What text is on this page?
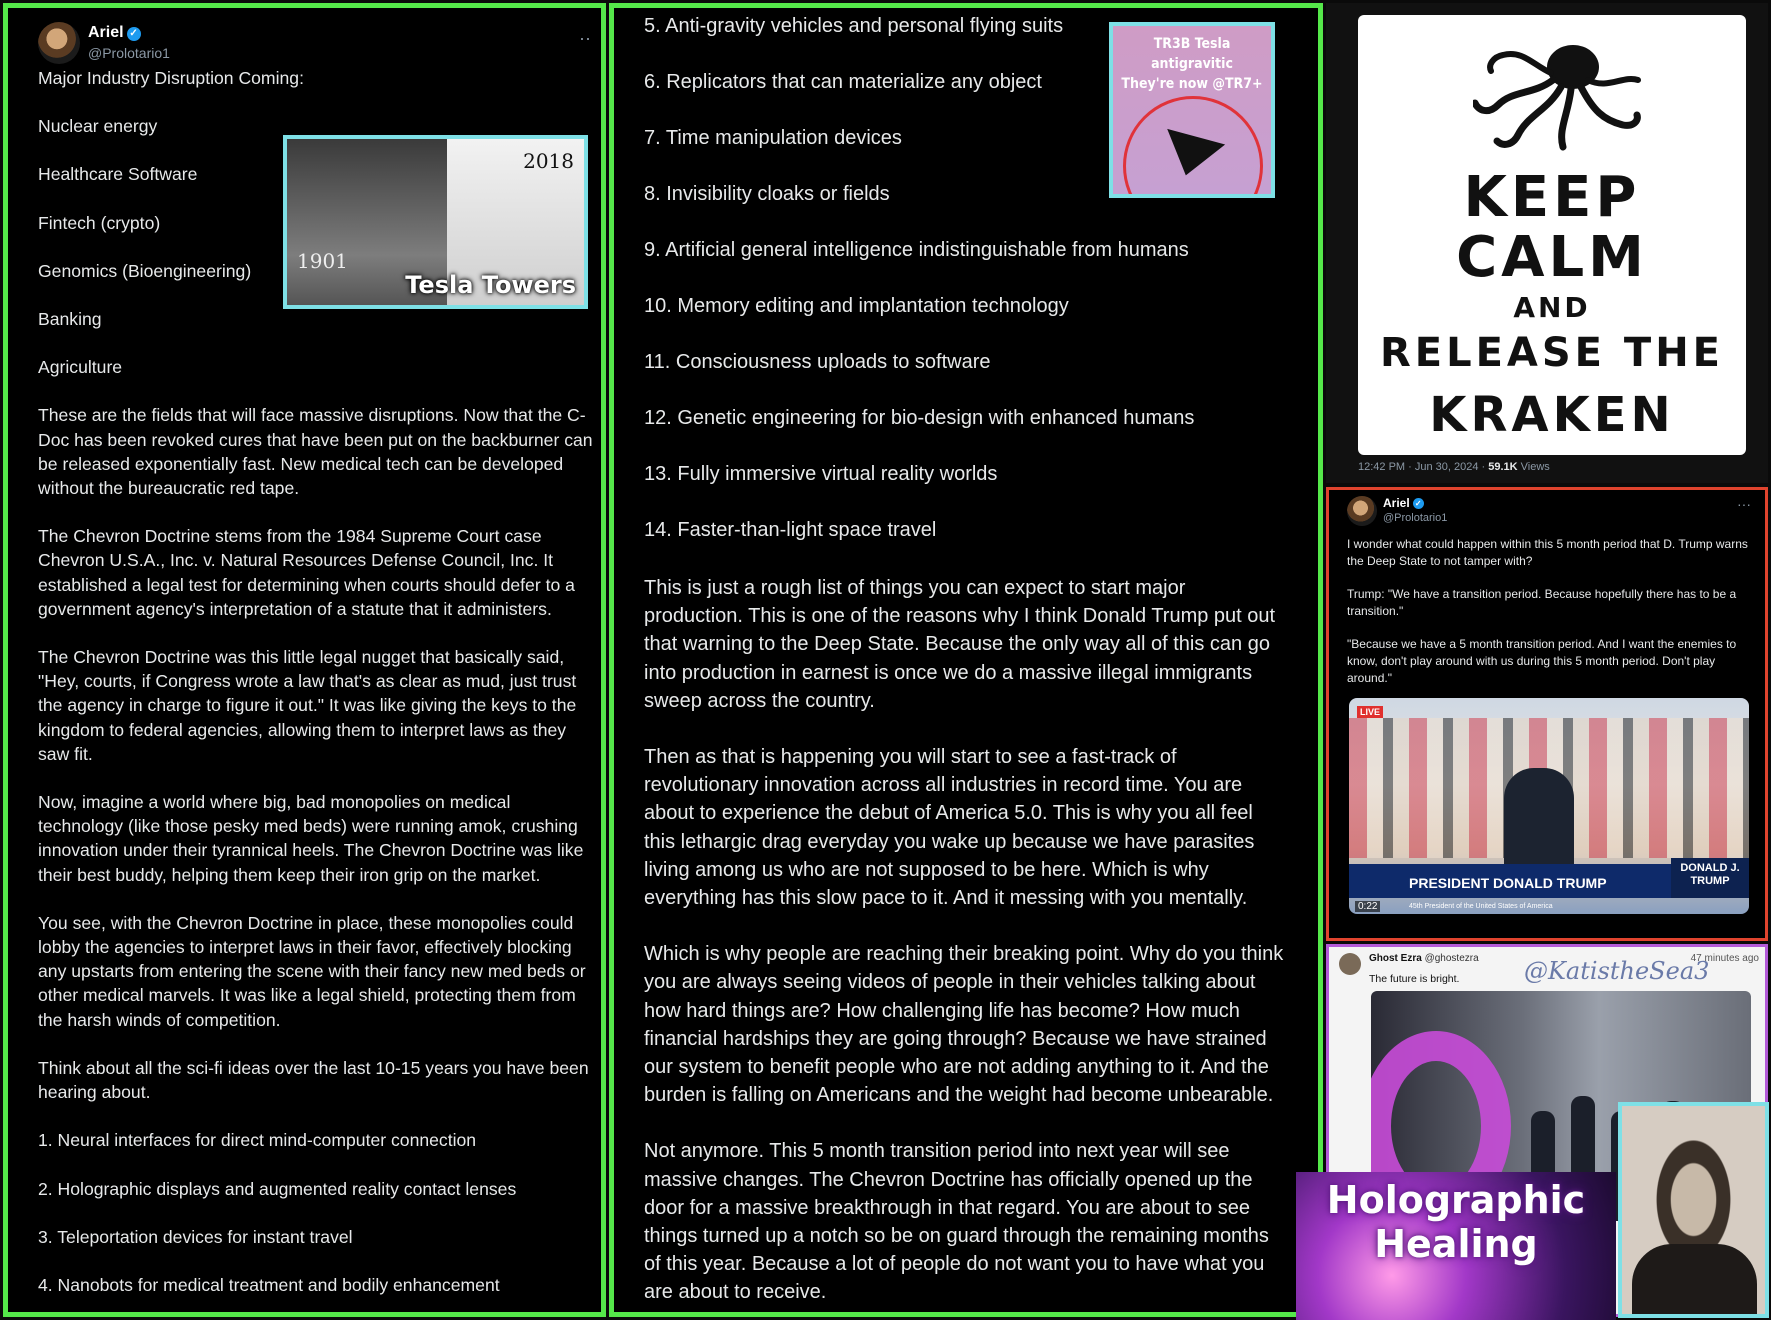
Ariel ✓
@Prolotario1
··

Major Industry Disruption Coming:

Nuclear energy

Healthcare Software

Fintech (crypto)

Genomics (Bioengineering)

Banking

Agriculture

These are the fields that will face massive disruptions. Now that the C-Doc has been revoked cures that have been put on the backburner can be released exponentially fast. New medical tech can be developed without the bureaucratic red tape.

The Chevron Doctrine stems from the 1984 Supreme Court case Chevron U.S.A., Inc. v. Natural Resources Defense Council, Inc. It established a legal test for determining when courts should defer to a government agency's interpretation of a statute that it administers.

The Chevron Doctrine was this little legal nugget that basically said, "Hey, courts, if Congress wrote a law that's as clear as mud, just trust the agency in charge to figure it out." It was like giving the keys to the kingdom to federal agencies, allowing them to interpret laws as they saw fit.

Now, imagine a world where big, bad monopolies on medical technology (like those pesky med beds) were running amok, crushing innovation under their tyrannical heels. The Chevron Doctrine was like their best buddy, helping them keep their iron grip on the market.

You see, with the Chevron Doctrine in place, these monopolies could lobby the agencies to interpret laws in their favor, effectively blocking any upstarts from entering the scene with their fancy new med beds or other medical marvels. It was like a legal shield, protecting them from the harsh winds of competition.

Think about all the sci-fi ideas over the last 10-15 years you have been hearing about.

1. Neural interfaces for direct mind-computer connection

2. Holographic displays and augmented reality contact lenses

3. Teleportation devices for instant travel

4. Nanobots for medical treatment and bodily enhancement

1901
2018
Tesla Towers
5. Anti-gravity vehicles and personal flying suits
6. Replicators that can materialize any object
7. Time manipulation devices
8. Invisibility cloaks or fields
9. Artificial general intelligence indistinguishable from humans
10. Memory editing and implantation technology
11. Consciousness uploads to software
12. Genetic engineering for bio-design with enhanced humans
13. Fully immersive virtual reality worlds
14. Faster-than-light space travel

This is just a rough list of things you can expect to start major production. This is one of the reasons why I think Donald Trump put out that warning to the Deep State. Because the only way all of this can go into production in earnest is once we do a massive illegal immigrants sweep across the country.

Then as that is happening you will start to see a fast-track of revolutionary innovation across all industries in record time. You are about to experience the debut of America 5.0. This is why you all feel this lethargic drag everyday you wake up because we have parasites living among us who are not supposed to be here. Which is why everything has this slow pace to it. And it messing with you mentally.

Which is why people are reaching their breaking point. Why do you think you are always seeing videos of people in their vehicles talking about how hard things are? How challenging life has become? How much financial hardships they are going through? Because we have strained our system to benefit people who are not adding anything to it. And the burden is falling on Americans and the weight had become unbearable.

Not anymore. This 5 month transition period into next year will see massive changes. The Chevron Doctrine has officially opened up the door for a massive breakthrough in that regard. You are about to see things turned up a notch so be on guard through the remaining months of this year. Because a lot of people do not want you to have what you are about to receive.

TR3B Tesla antigravitic
They're now @TR7+
KEEP
CALM
AND
RELEASE THE
KRAKEN
12:42 PM · Jun 30, 2024 · 59.1K Views
Ariel ✓
@Prolotario1
···

I wonder what could happen within this 5 month period that D. Trump warns the Deep State to not tamper with?

Trump: "We have a transition period. Because hopefully there has to be a transition."

"Because we have a 5 month transition period. And I want the enemies to know, don't play around with us during this 5 month period. Don't play around."

LIVE
PRESIDENT DONALD TRUMP
45th President of the United States of America
DONALD J. TRUMP
0:22
Ghost Ezra @ghostezra	47 minutes ago
The future is bright.	@KatistheSea3
Holographic
Healing
